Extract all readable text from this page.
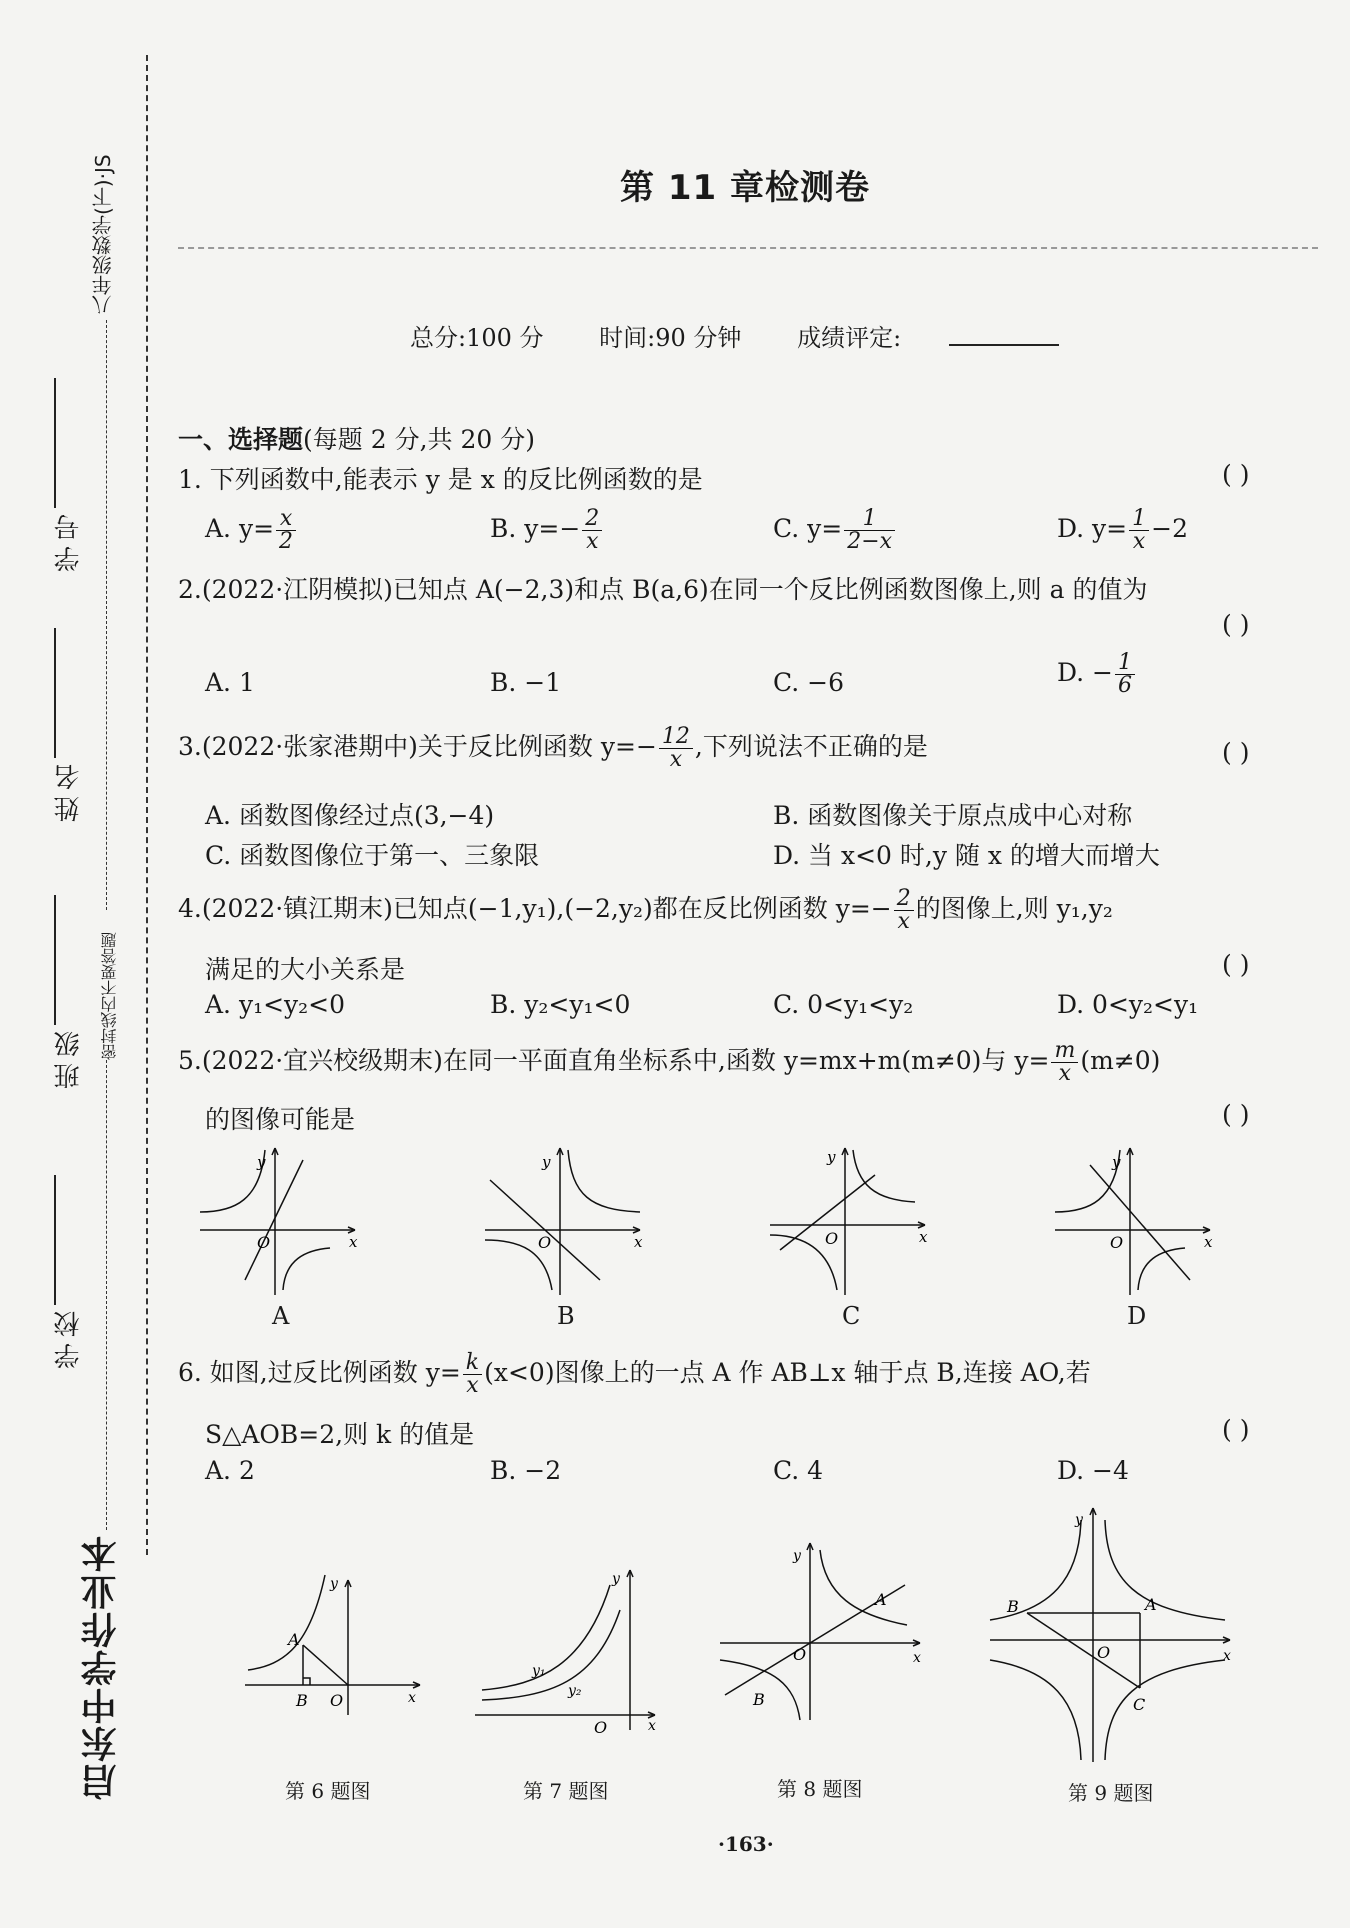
八年级数学(下)·JS
密封线内不要答题
启东中学作业本
学校
班级
姓名
学号
第 11 章检测卷
总分:100 分 时间:90 分钟 成绩评定:
一、选择题(每题 2 分,共 20 分)
1. 下列函数中,能表示 y 是 x 的反比例函数的是	( )
A. $y= \frac{x}{2}$	B. $y=- \frac{2}{x}$	C. $y= \frac{1}{2-x}$	D. $y= \frac{1}{x} -2$
2.(2022·江阴模拟)已知点 A(−2,3)和点 B(a,6)在同一个反比例函数图像上,则 a 的值为
( )
A. 1	B. −1	C. −6	D. − $\frac{1}{6}$
3.(2022·张家港期中)关于反比例函数 $y=- \frac{12}{x}$ ,下列说法不正确的是	( )
A. 函数图像经过点(3,−4)	B. 函数图像关于原点成中心对称
C. 函数图像位于第一、三象限	D. 当 x<0 时,y 随 x 的增大而增大
4.(2022·镇江期末)已知点(−1,y₁),(−2,y₂)都在反比例函数 $y=- \frac{2}{x}$ 的图像上,则 y₁,y₂
满足的大小关系是	( )
A. y₁<y₂<0	B. y₂<y₁<0	C. 0<y₁<y₂	D. 0<y₂<y₁
5.(2022·宜兴校级期末)在同一平面直角坐标系中,函数 y=mx+m(m≠0)与 $y= \frac{m}{x} (m\ne 0)$
的图像可能是	( )
y
x
O
A
y
x
O
B
y
x
O
C
y
x
O
D
6. 如图,过反比例函数 $y= \frac{k}{x} (x<0)$图像上的一点 A 作 AB⊥x 轴于点 B,连接 AO,若
S△AOB=2,则 k 的值是	( )
A. 2	B. −2	C. 4	D. −4
y
x
A
B O
第 6 题图
y
x
y₁
y₂
O
第 7 题图
y
x
A
B
O
第 8 题图
y
x
B	A
C
O
第 9 题图
·163·
